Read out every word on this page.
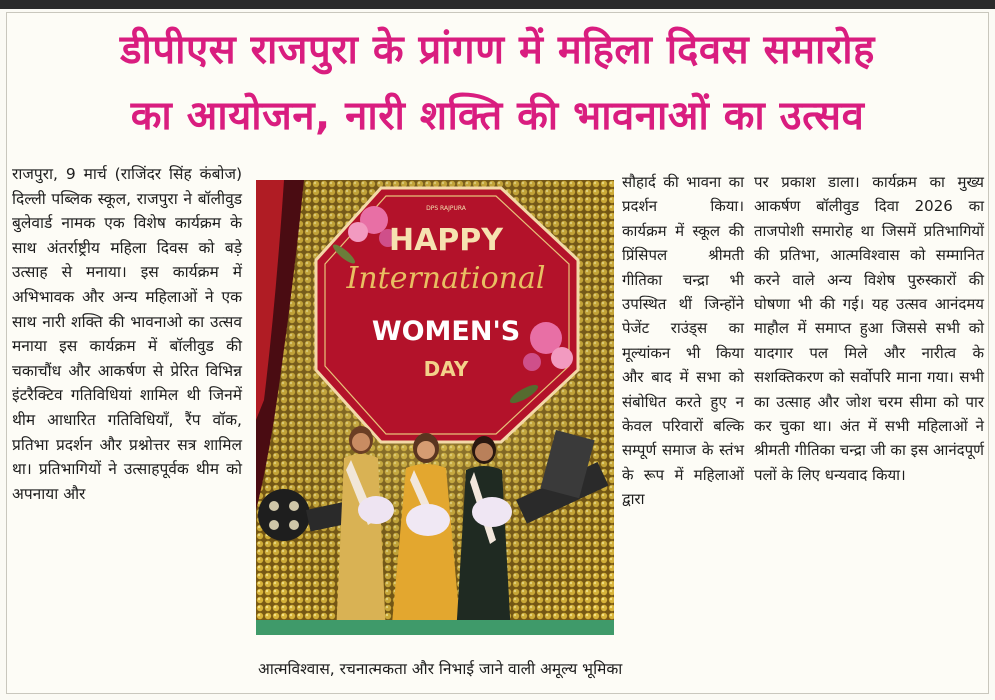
डीपीएस राजपुरा के प्रांगण में महिला दिवस समारोह
का आयोजन, नारी शक्ति की भावनाओं का उत्सव

राजपुरा, 9 मार्च (राजिंदर सिंह कंबोज) दिल्ली पब्लिक स्कूल, राजपुरा ने बॉलीवुड बुलेवार्ड नामक एक विशेष कार्यक्रम के साथ अंतर्राष्ट्रीय महिला दिवस को बड़े उत्साह से मनाया। इस कार्यक्रम में अभिभावक और अन्य महिलाओं ने एक साथ नारी शक्ति की भावनाओ का उत्सव मनाया इस कार्यक्रम में बॉलीवुड की चकाचौंध और आकर्षण से प्रेरित विभिन्न इंटरैक्टिव गतिविधियां शामिल थी जिनमें थीम आधारित गतिविधियाँ, रैंप वॉक, प्रतिभा प्रदर्शन और प्रश्नोत्तर सत्र शामिल था। प्रतिभागियों ने उत्साहपूर्वक थीम को अपनाया और

DPS RAJPURA
HAPPY
International
WOMEN'S
DAY

सौहार्द की भावना का प्रदर्शन किया। कार्यक्रम में स्कूल की प्रिंसिपल श्रीमती गीतिका चन्द्रा भी उपस्थित थीं जिन्होंने पेजेंट राउंड्स का मूल्यांकन भी किया और बाद में सभा को संबोधित करते हुए न केवल परिवारों बल्कि सम्पूर्ण समाज के स्तंभ के रूप में महिलाओं द्वारा

पर प्रकाश डाला। कार्यक्रम का मुख्य आकर्षण बॉलीवुड दिवा 2026 का ताजपोशी समारोह था जिसमें प्रतिभागियों की प्रतिभा, आत्मविश्वास को सम्मानित करने वाले अन्य विशेष पुरुस्कारों की घोषणा भी की गई। यह उत्सव आनंदमय माहौल में समाप्त हुआ जिससे सभी को यादगार पल मिले और नारीत्व के सशक्तिकरण को सर्वोपरि माना गया। सभी का उत्साह और जोश चरम सीमा को पार कर चुका था। अंत में सभी महिलाओं ने श्रीमती गीतिका चन्द्रा जी का इस आनंदपूर्ण पलों के लिए धन्यवाद किया।

आत्मविश्वास, रचनात्मकता और निभाई जाने वाली अमूल्य भूमिका
